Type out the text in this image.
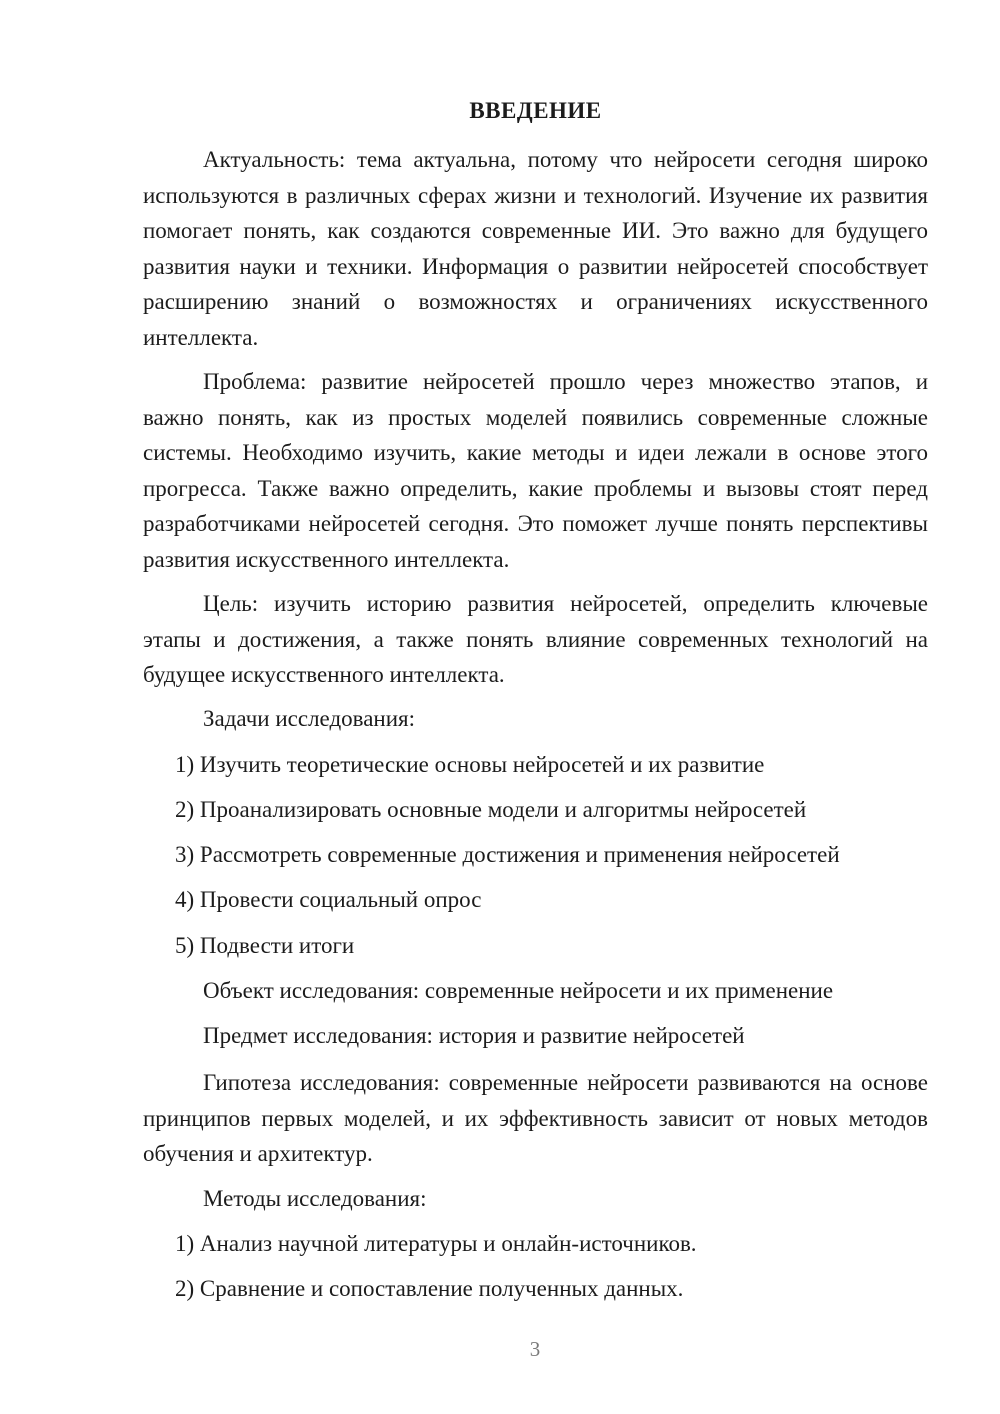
ВВЕДЕНИЕ

Актуальность: тема актуальна, потому что нейросети сегодня широко используются в различных сферах жизни и технологий. Изучение их развития помогает понять, как создаются современные ИИ. Это важно для будущего развития науки и техники. Информация о развитии нейросетей способствует расширению знаний о возможностях и ограничениях искусственного интеллекта.

Проблема: развитие нейросетей прошло через множество этапов, и важно понять, как из простых моделей появились современные сложные системы. Необходимо изучить, какие методы и идеи лежали в основе этого прогресса. Также важно определить, какие проблемы и вызовы стоят перед разработчиками нейросетей сегодня. Это поможет лучше понять перспективы развития искусственного интеллекта.

Цель: изучить историю развития нейросетей, определить ключевые этапы и достижения, а также понять влияние современных технологий на будущее искусственного интеллекта.

Задачи исследования:
1) Изучить теоретические основы нейросетей и их развитие
2) Проанализировать основные модели и алгоритмы нейросетей
3) Рассмотреть современные достижения и применения нейросетей
4) Провести социальный опрос
5) Подвести итоги
Объект исследования: современные нейросети и их применение
Предмет исследования: история и развитие нейросетей

Гипотеза исследования: современные нейросети развиваются на основе принципов первых моделей, и их эффективность зависит от новых методов обучения и архитектур.

Методы исследования:
1) Анализ научной литературы и онлайн-источников.
2) Сравнение и сопоставление полученных данных.
3
